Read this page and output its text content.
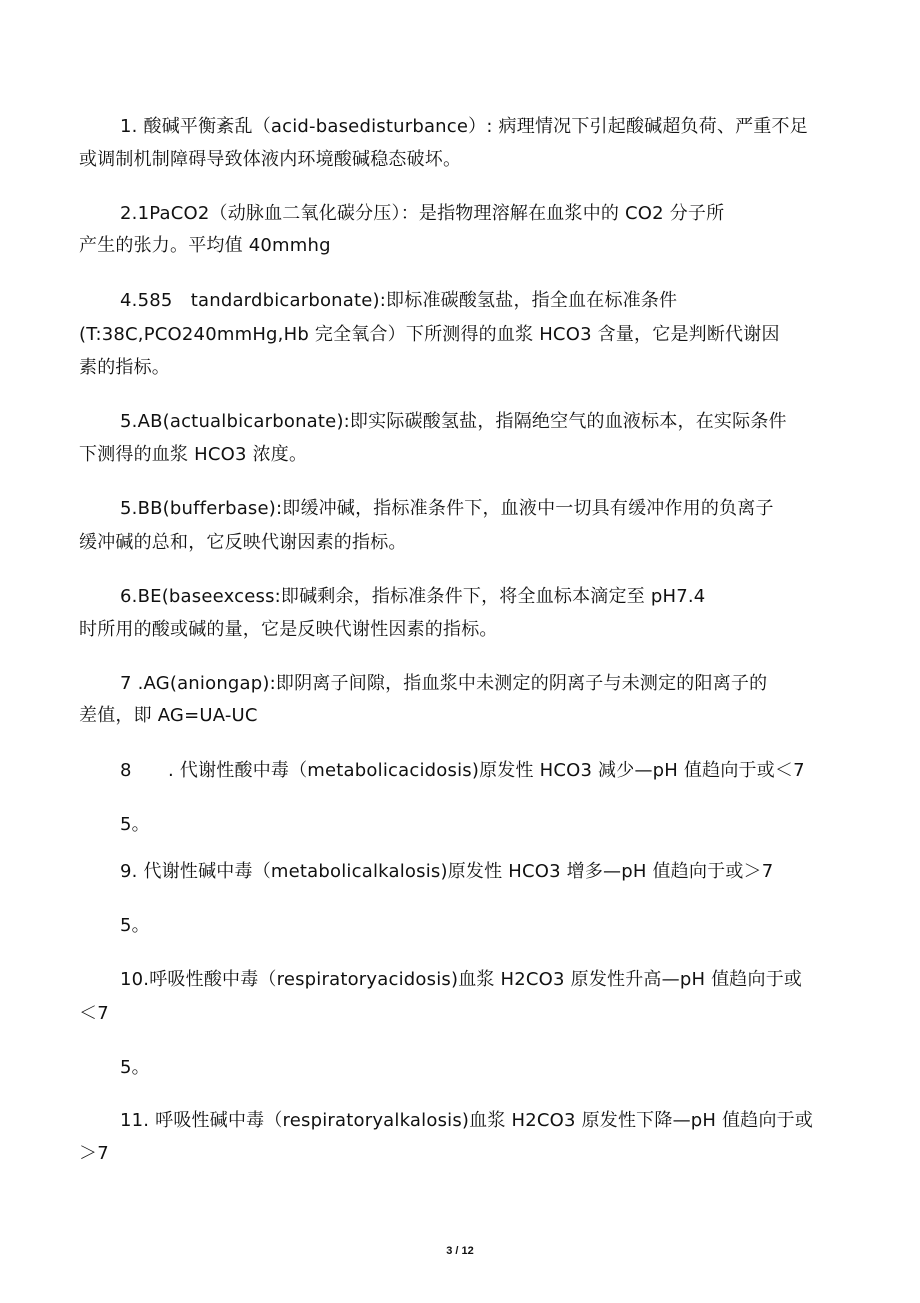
1. 酸碱平衡紊乱（acid-basedisturbance）: 病理情况下引起酸碱超负荷、严重不足
或调制机制障碍导致体液内环境酸碱稳态破坏。
2.1PaCO2（动脉血二氧化碳分压）：是指物理溶解在血浆中的 CO2 分子所
产生的张力。平均值 40mmhg
4.585　tandardbicarbonate):即标准碳酸氢盐，指全血在标准条件
(T:38C,PCO240mmHg,Hb 完全氧合）下所测得的血浆 HCO3 含量，它是判断代谢因
素的指标。
5.AB(actualbicarbonate):即实际碳酸氢盐，指隔绝空气的血液标本，在实际条件
下测得的血浆 HCO3 浓度。
5.BB(bufferbase):即缓冲碱，指标准条件下，血液中一切具有缓冲作用的负离子
缓冲碱的总和，它反映代谢因素的指标。
6.BE(baseexcess:即碱剩余，指标准条件下，将全血标本滴定至 pH7.4
时所用的酸或碱的量，它是反映代谢性因素的指标。
7 .AG(aniongap):即阴离子间隙，指血浆中未测定的阴离子与未测定的阳离子的
差值，即 AG=UA-UC
8　　. 代谢性酸中毒（metabolicacidosis)原发性 HCO3 减少—pH 值趋向于或＜7
5。
9. 代谢性碱中毒（metabolicalkalosis)原发性 HCO3 增多—pH 值趋向于或＞7
5。
10.呼吸性酸中毒（respiratoryacidosis)血浆 H2CO3 原发性升高—pH 值趋向于或
＜7
5。
11. 呼吸性碱中毒（respiratoryalkalosis)血浆 H2CO3 原发性下降—pH 值趋向于或
＞7
3 / 12
